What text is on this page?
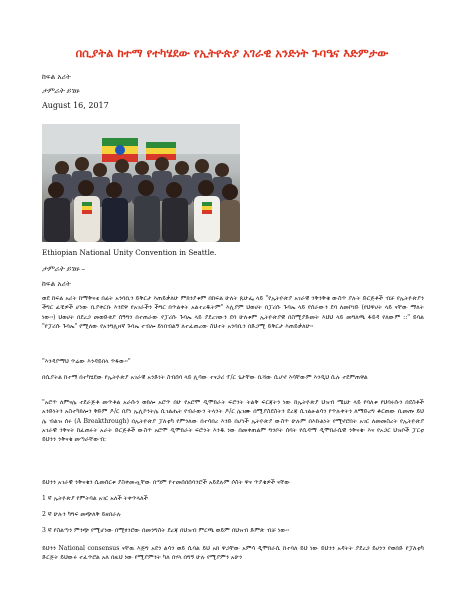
በሲያትል ከተማ የተካሄደው የኢትዮጵያ አገራዊ አንድነት ጉባዔና እድምታው
ከፍል አሪት
ታምራት ይገዙ
August 16, 2017
Ethiopian National Unity Convention in Seattle.
ታምራት ይገዙ –
ከፍል አሪት
ወደ ከፍል አሪት ከማቅናቴ በፊት አንባቢን ይቅርታ እጠይቃለሁ ምክንያቱም በከፍል ሁለት ጹሁፌ ላይ "የኢትዮጵያ አገራዊ ንቅንቅቄ ውስጥ ያሉት ድርጅቶች ብቻ የኢትዮጵያን ችግር ፈቺዎች ሆነው ቢያቀርቡ እንደዋ የአገራችን ችግር በጥልቀት አልተረዱትም" እሊያም ህወሀት በፓሪሱ ጉባኤ ላይ የሰራውን ደባ ለመኮነድ (የህዋሀት ላይ ናቸው ማለት ነው፡፡) ህወሀት በደረጋ መወድቂያ ሰዓግን በተጠራው የፓሪሱ ጉባኤ ላይ ያደረገውን ደባ ሁለቱም ኢትዮጵያዊ በስሚያድመት እህህ ላይ መግለጫ ፋይዳ የለውም ::" ይባል "የፓሪሱ ጉባኤ" የሚለው የአንግሊዘኛ ጉባኤ ተብሎ ይነበብልኝ ለተፈጠረው ስህተት አንባቢን በድጋሚ ይቅርታ እጠይቃለሁ፡፡
"እንዳያማህ ጥሬው እንዳይበላ ጥፋው፡፡"
በሲያትል ከተማ በተካሄደው የኢትዮጵያ አገራዊ አንድነት ስብሰባ ላይ ሊሳው ተናጋሪ ፕ/ር ጌታቸው ቢሻው ሲሆኖ እሳቸውም እንዲህ ሲሉ ተደምጠዋል
"አሮጥ ለምናሌ ተደራጅቶ መጥቶል አራሱን ወክሎ አሮጥ በሁ የአሮሞ ዲሞክራት ፍሮንት ትልቅ ፍርጃትን ነው ከኢትዮጵያ ህዝብ ሜኒሁ ላይ የባለቱ የህባሩሱን በደስቶች አንድነትን አስተካክሎን ቅድም ዶ/ር በያነ ኢሊኮንትሌ ሲገልሔት የብራውን ትላንት ዶ/ር ሌገሙ በሚያስደስትን ደረጃ ሲገልፁልሳን የጥሉቀትን ለማድረግ ቆርጠው ቢመጡ ይህ ሌ ብልዝ ሰሩ (A Breakthrough) በኢትዮጵያ ፓለቲካ የምንለው በተሳበረ እንድ በሆነች ኢትዮጵያ ውስጥ ሁሉም በእኩልነት የሚኖሮበት አገር ለመመስረት የኢትዮጵያ አገራዊ ንቅናት ከፈጠሩት አራት ድርጅቶች ውስጥ አሮሞ ዲሞክራት ፍሮንት እንዱ ነው በመቀጠልም ግንቦት ሰባት የሲዳማ ዲሞክራሲዊ ንቅናቄ፡ እና የኦጋር ህዝቦች ፓርቲ ይህንን ንቅናቄ መጣራቸውብ:
ይህንን አገራዊ ንቅናቄን ሲመሰርቱ ያስቀመጧቸው በጣም የተመሰበሰባንሮች አይደሉም ሶስት ዋና ጥያቄዎች ናቸው
1 ኛ ኢትዮጵያ የምትባል አገር አለች ትቀጥላለች
2 ኛ ሁሉን ካግፍ መጭለቅ ይዘበራሉ
3 ኛ የስልጣን ምንጭ የሚሆነው በሚፃንሮው በመንግስት ደረጃ በህዝብ ምርጫ ወይም በህዝብ ድምጽ ብቻ ነው፡፡
ይህንን National consensus ናቸዉ እጅግ አደን ልሳን ወይ ሲባል ይህ አክ ዋጋቸው አምሳ ዲሞክራሲ ከተባለ ይህ ነው ይህንን አዳትት ያደረጋ ይሀንን የወበድ የፓለቲካ ድርጅት ይህውሩ ተፈጥሮል አለ በዚህ ነው የሚያምንት ካለ በሃላ በግኝ ሁሉ የሚያምን አሁን
